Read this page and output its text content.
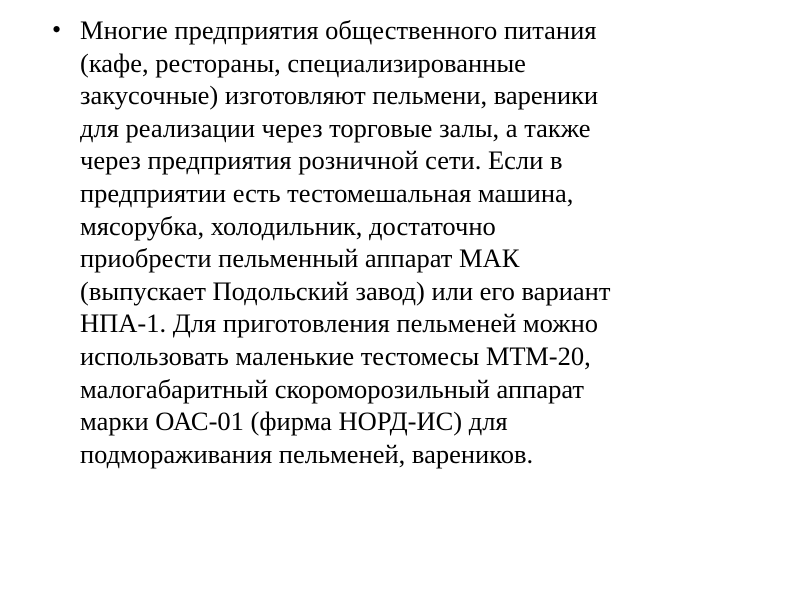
• Многие предприятия общественного питания
(кафе, рестораны, специализированные
закусочные) изготовляют пельмени, вареники
для реализации через торговые залы, а также
через предприятия розничной сети. Если в
предприятии есть тестомешальная машина,
мясорубка, холодильник, достаточно
приобрести пельменный аппарат МАК
(выпускает Подольский завод) или его вариант
НПА-1. Для приготовления пельменей можно
использовать маленькие тестомесы МТМ-20,
малогабаритный скороморозильный аппарат
марки ОАС-01 (фирма НОРД-ИС) для
подмораживания пельменей, вареников.
